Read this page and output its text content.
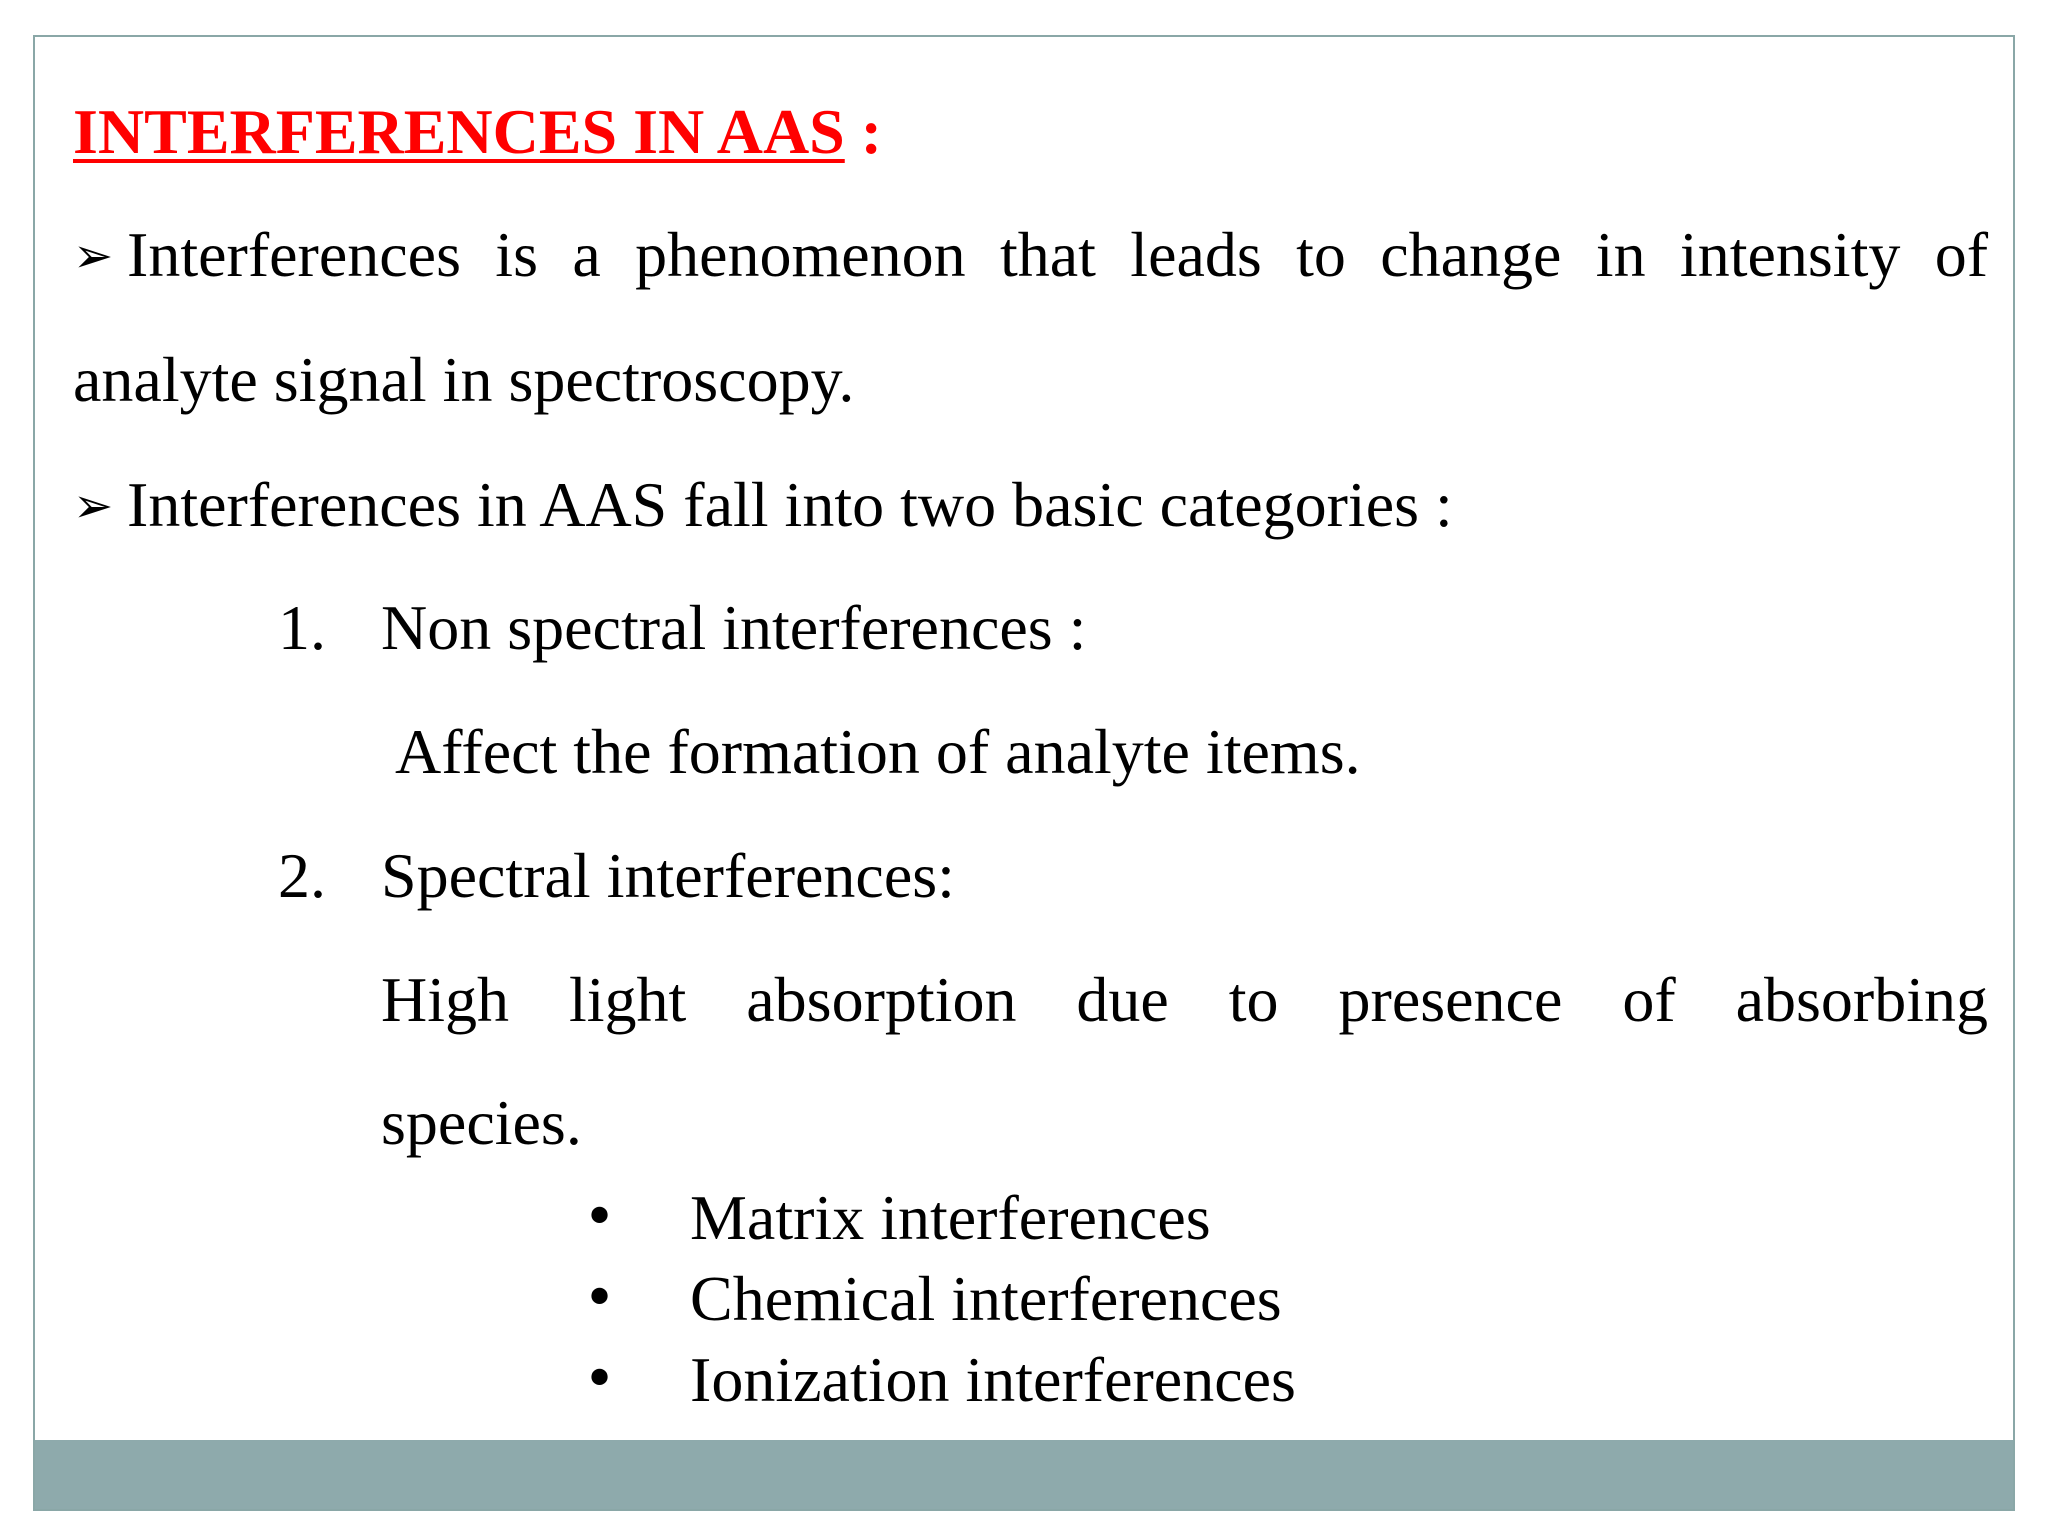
INTERFERENCES IN AAS :
➢ Interferences is a phenomenon that leads to change in intensity of
analyte signal in spectroscopy.
➢ Interferences in AAS fall into two basic categories :
1. Non spectral interferences :
Affect the formation of analyte items.
2. Spectral interferences:
High light absorption due to presence of absorbing
species.
• Matrix interferences
• Chemical interferences
• Ionization interferences
